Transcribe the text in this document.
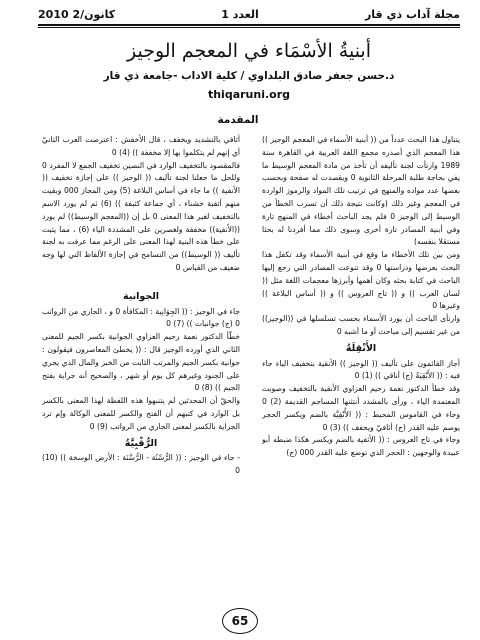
مجلة آداب ذي قار
العدد 1
كانون/2 2010
أبنيةُ الأسْمَاء في المعجم الوجيز
د.حسن جعفر صادق البلداوي / كلية الاداب -جامعة ذي قار
thiqaruni.org
المقدمة

يتناول هذا البحث عدداً من (( أبنية الأسماء في المعجم الوجيز )) هذا المعجم الذي أصدره مجمع اللغة العربية في القاهرة سنة 1989 وارتأت لجنة تأليفه أن تأخذ من مادة المعجم الوسيط ما يفي بحاجة طلبة المرحلة الثانوية 0 ويقصدت له صفحة وبحسب بعضها عدد مواده والمنهج في ترتيب تلك المواد والرموز الواردة في المعجم وغير ذلك (وكانت نتيجة ذلك أن تسرب الخطأ من الوسيط إلى الوجيز 0 فلم يجد الباحث أخطاء في المنهج تارة وفي أبنية المصادر تارة أخرى وسوى ذلك مما أفردنا له بحثا مستقلا بنفسه)

ومن بين تلك الأخطاء ما وقع في أبنية الأسماء وقد تكفل هذا البحث بعرضها ودراستها 0 وقد تنوعت المصادر التي رجع إليها الباحث في كتابة بحثه وكان أهمها وأبرزها معجمات اللغة مثل (( لسان العرب )) و (( تاج العروس )) و (( أساس البلاغة )) وغيرها 0

وارتأى الباحث أن يورد الأسماء بحسب تسلسلها في ((الوجيز)) من غير تقسيم إلى مباحث أو ما أشبه 0

الأَنْقِلَةُ

أجاز القائمون على تأليف (( الوجيز )) الأنقية بتخفيف الياء جاء فيه : (( الأَنْقِيَةُ (ج) أناقي )) (1) 0

وقد خطأ الدكتور نعمة رحيم العزاوي الأنقية بالتخفيف وصوبت المعتمدة الياء ، ورأى بالمشدد أنتثنها المساجم القديمة (2) 0 وجاء في القاموس المحيط : (( الأُنْقِيَّة بالضم ويكسر الحجر يوصم عليه القدر (ج) أثافيّ ويخفف )) (3) 0

وجاء في تاج العروس : (( الأثفية بالضم ويكسر هكذا ضبطه أبو عبيدة والوجهين : الحجر الذي توضع عليه القدر 000 (ج)

أثافي بالتشديد ويخفف ، قال الأخفش : اعترضت العرب الثانيّ أي إنهم لم يتكلموا بها إلا مخففة )) (4) 0

فالمقصود بالتخفيف الوارد في النصين تخفيف الجمع لا المفرد 0 وللحل ما جعلنا لجنة تأليف (( الوجيز )) على إجازة تخفيف (( الأنفية )) ما جاء في أساس البلاغة (5) ومن المجاز 000 وبقيت منهم أثفية خشناء ، أي جماعة كثيفة )) (6) ثم لم يورد الاسم بالتخفيف لغير هذا المعنى 0 بل إن ((المعجم الوسيط)) لم يورد ((الأَنفية)) مخففة ولغصرين على المشددة الياء (6) ، مما يثبت على خطأ هذه البنية لهذا المعنى على الرغم مما عرفت به لجنة تأليف (( الوسيط)) من التسامح في إجازة الألفاظ التي لها وجه ضعيف من القياس 0

الجوانية

جاء في الوجيز : (( الجِوَانِية : المكافأة 0 و ، الجاري من الرواتب 0 (ج) جوانبات )) (7) 0

خطّأ الدكتور نعمة رحيم العزاوي الجوانية بكسر الجيم للمعنى الثاني الذي أورده الوجيز قال : (( يخطئ المعاصرون فيقولون : جوانية بكسر الجيم والمرتب الثابت من الخبز والمال الذي يجري على الجنود وغيرهم كل يوم أو شهر ، والصحيح أنه جراية بفتح الجيم )) (8) 0

والحقّ أن المحدثين لم يتنبهوا هذه اللفظة لهذا المعنى بالكسر بل الوارد في كتبهم أن الفتح والكسر للمعنى الوكالة وإم ترد الجراية بالكسر لمعنى الجاري من الرواتب (9) 0

الرُّقْبِيَّةُ

- جاء في الوجيز : (( الرُّسْنُة - الرُّسَّنَة : الأرض الوسخة )) (10) 0

65
